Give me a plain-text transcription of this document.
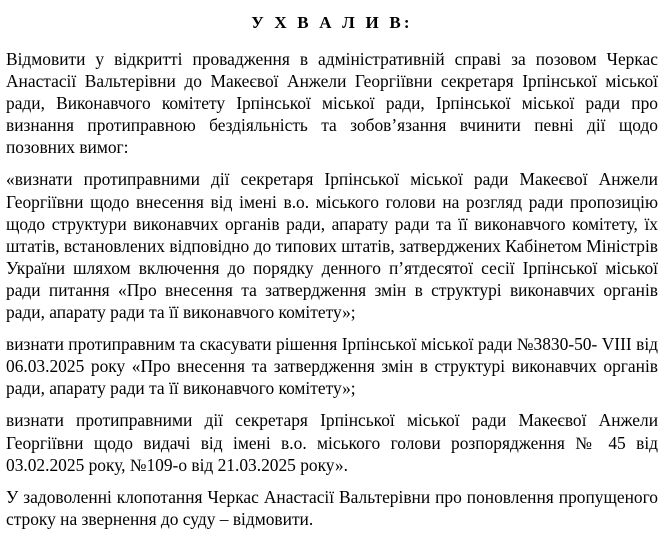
У Х В А Л И В:

Відмовити у відкритті провадження в адміністративній справі за позовом Черкас Анастасії Вальтерівни до Макеєвої Анжели Георгіївни секретаря Ірпінської міської ради, Виконавчого комітету Ірпінської міської ради, Ірпінської міської ради про визнання протиправною бездіяльність та зобов’язання вчинити певні дії щодо позовних вимог:

«визнати протиправними дії секретаря Ірпінської міської ради Макеєвої Анжели Георгіївни щодо внесення від імені в.о. міського голови на розгляд ради пропозицію щодо структури виконавчих органів ради, апарату ради та її виконавчого комітету, їх штатів, встановлених відповідно до типових штатів, затверджених Кабінетом Міністрів України шляхом включення до порядку денного п’ятдесятої сесії Ірпінської міської ради питання «Про внесення та затвердження змін в структурі виконавчих органів ради, апарату ради та її виконавчого комітету»;

визнати протиправним та скасувати рішення Ірпінської міської ради №3830-50- VIII від 06.03.2025 року «Про внесення та затвердження змін в структурі виконавчих органів ради, апарату ради та її виконавчого комітету»;

визнати протиправними дії секретаря Ірпінської міської ради Макеєвої Анжели Георгіївни щодо видачі від імені в.о. міського голови розпорядження № 45 від 03.02.2025 року, №109-о від 21.03.2025 року».

У задоволенні клопотання Черкас Анастасії Вальтерівни про поновлення пропущеного строку на звернення до суду – відмовити.
